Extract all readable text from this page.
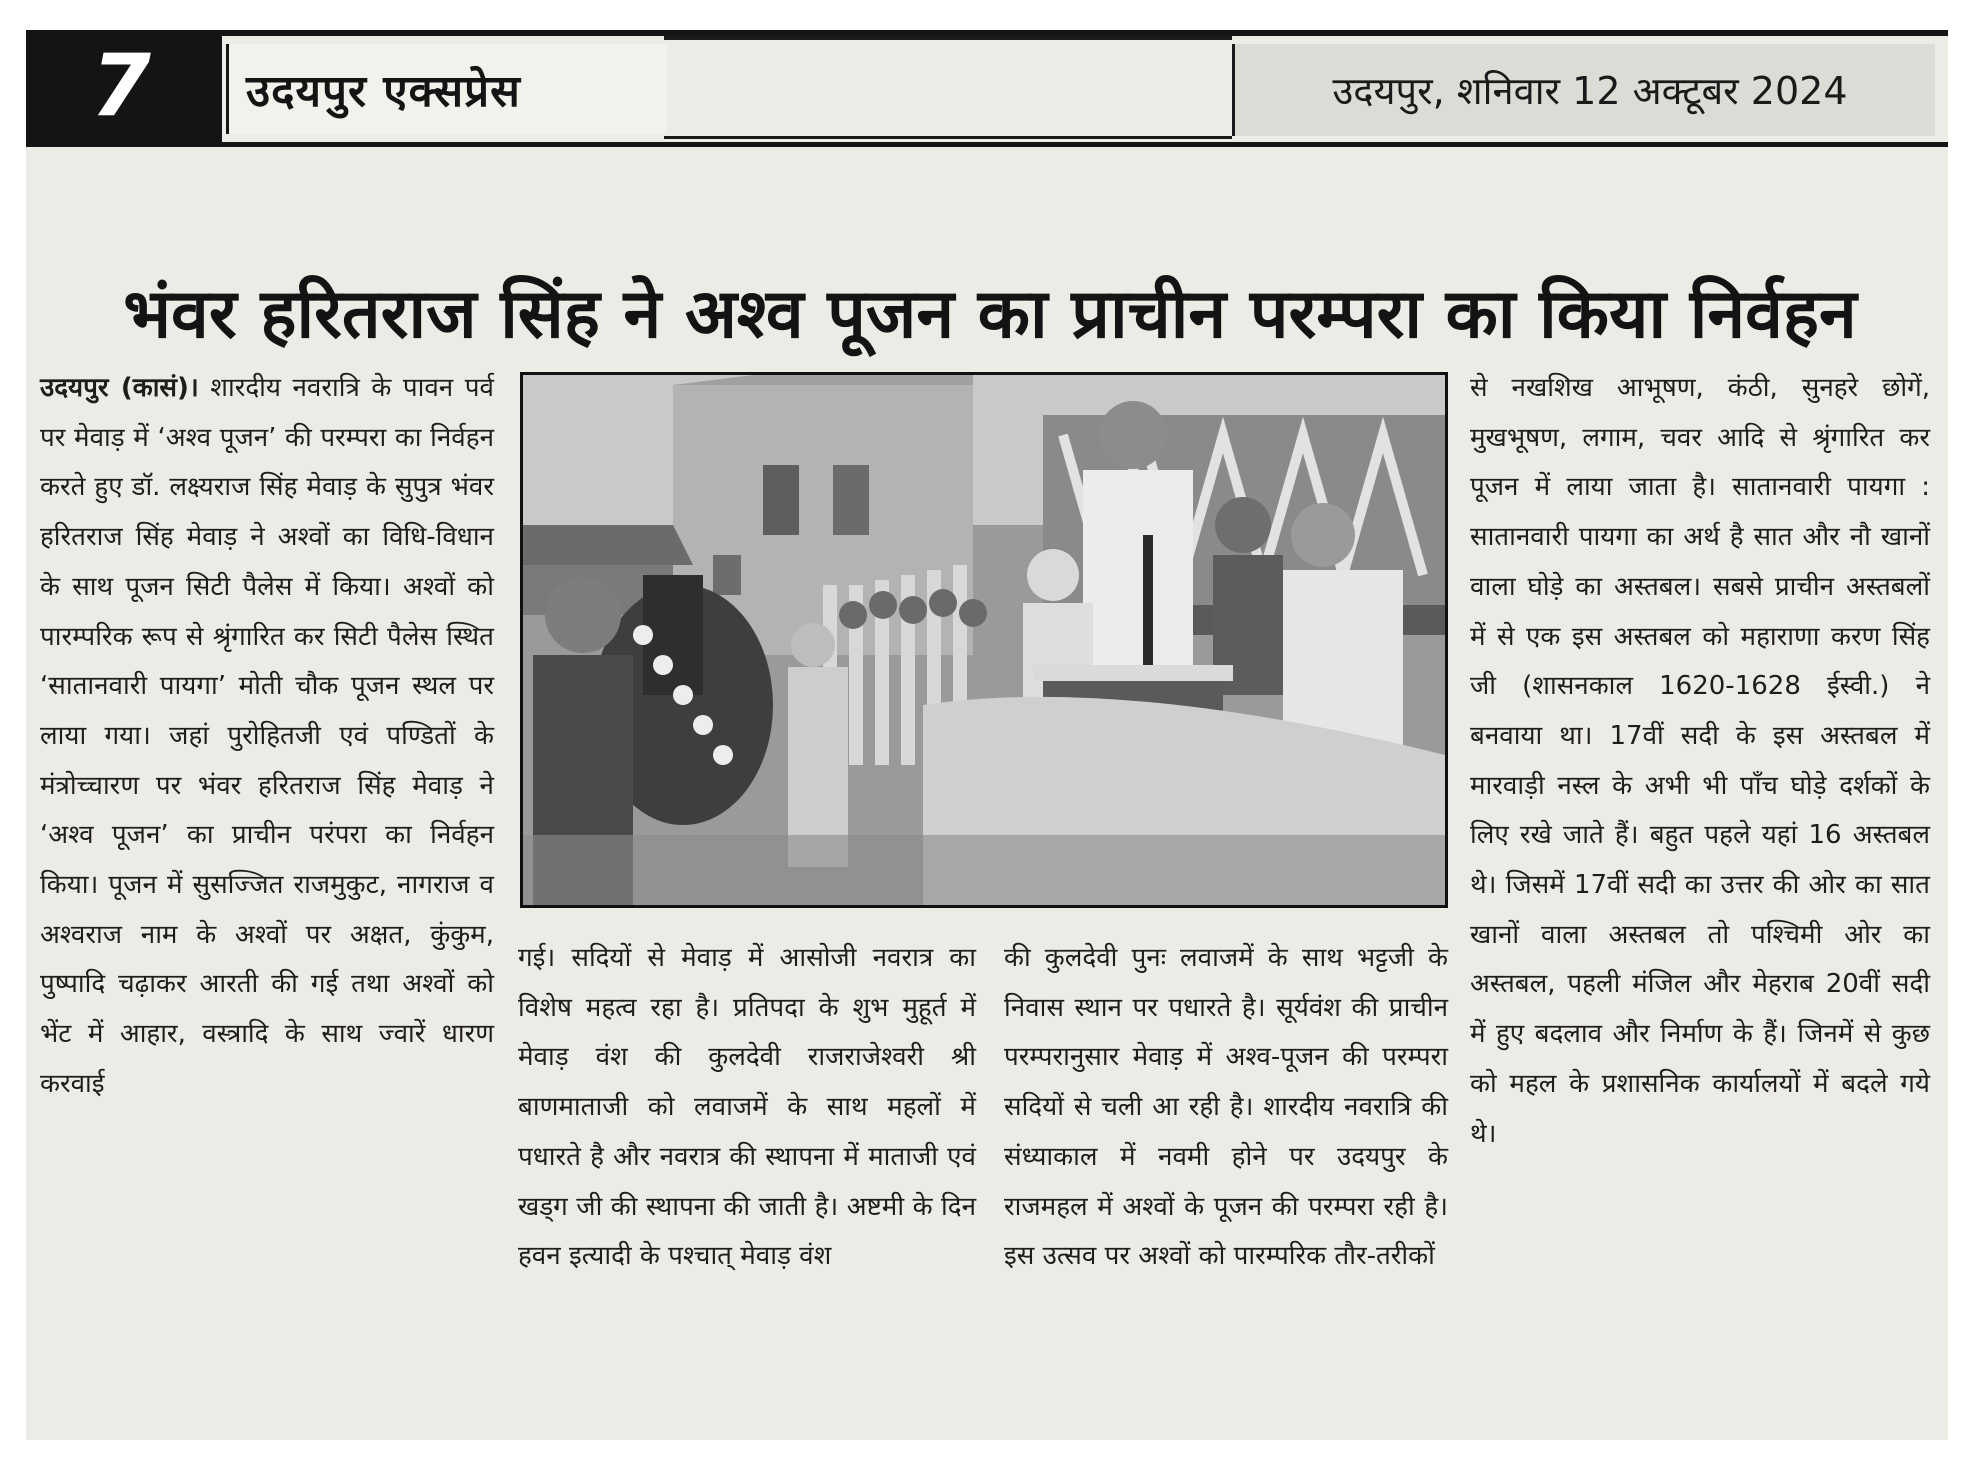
7	उदयपुर एक्सप्रेस	उदयपुर, शनिवार 12 अक्टूबर 2024
भंवर हरितराज सिंह ने अश्व पूजन का प्राचीन परम्परा का किया निर्वहन

उदयपुर (कासं)। शारदीय नवरात्रि के पावन पर्व पर मेवाड़ में ‘अश्व पूजन’ की परम्परा का निर्वहन करते हुए डॉ. लक्ष्यराज सिंह मेवाड़ के सुपुत्र भंवर हरितराज सिंह मेवाड़ ने अश्वों का विधि-विधान के साथ पूजन सिटी पैलेस में किया। अश्वों को पारम्परिक रूप से श्रृंगारित कर सिटी पैलेस स्थित ‘सातानवारी पायगा’ मोती चौक पूजन स्थल पर लाया गया। जहां पुरोहितजी एवं पण्डितों के मंत्रोच्चारण पर भंवर हरितराज सिंह मेवाड़ ने ‘अश्व पूजन’ का प्राचीन परंपरा का निर्वहन किया। पूजन में सुसज्जित राजमुकुट, नागराज व अश्वराज नाम के अश्वों पर अक्षत, कुंकुम, पुष्पादि चढ़ाकर आरती की गई तथा अश्वों को भेंट में आहार, वस्त्रादि के साथ ज्वारें धारण करवाई

गई। सदियों से मेवाड़ में आसोजी नवरात्र का विशेष महत्व रहा है। प्रतिपदा के शुभ मुहूर्त में मेवाड़ वंश की कुलदेवी राजराजेश्वरी श्री बाणमाताजी को लवाजमें के साथ महलों में पधारते है और नवरात्र की स्थापना में माताजी एवं खड्ग जी की स्थापना की जाती है। अष्टमी के दिन हवन इत्यादी के पश्चात् मेवाड़ वंश

की कुलदेवी पुनः लवाजमें के साथ भट्टजी के निवास स्थान पर पधारते है। सूर्यवंश की प्राचीन परम्परानुसार मेवाड़ में अश्व-पूजन की परम्परा सदियों से चली आ रही है। शारदीय नवरात्रि की संध्याकाल में नवमी होने पर उदयपुर के राजमहल में अश्वों के पूजन की परम्परा रही है। इस उत्सव पर अश्वों को पारम्परिक तौर-तरीकों

से नखशिख आभूषण, कंठी, सुनहरे छोगें, मुखभूषण, लगाम, चवर आदि से श्रृंगारित कर पूजन में लाया जाता है। सातानवारी पायगा : सातानवारी पायगा का अर्थ है सात और नौ खानों वाला घोड़े का अस्तबल। सबसे प्राचीन अस्तबलों में से एक इस अस्तबल को महाराणा करण सिंह जी (शासनकाल 1620-1628 ईस्वी.) ने बनवाया था। 17वीं सदी के इस अस्तबल में मारवाड़ी नस्ल के अभी भी पाँच घोड़े दर्शकों के लिए रखे जाते हैं। बहुत पहले यहां 16 अस्तबल थे। जिसमें 17वीं सदी का उत्तर की ओर का सात खानों वाला अस्तबल तो पश्चिमी ओर का अस्तबल, पहली मंजिल और मेहराब 20वीं सदी में हुए बदलाव और निर्माण के हैं। जिनमें से कुछ को महल के प्रशासनिक कार्यालयों में बदले गये थे।
